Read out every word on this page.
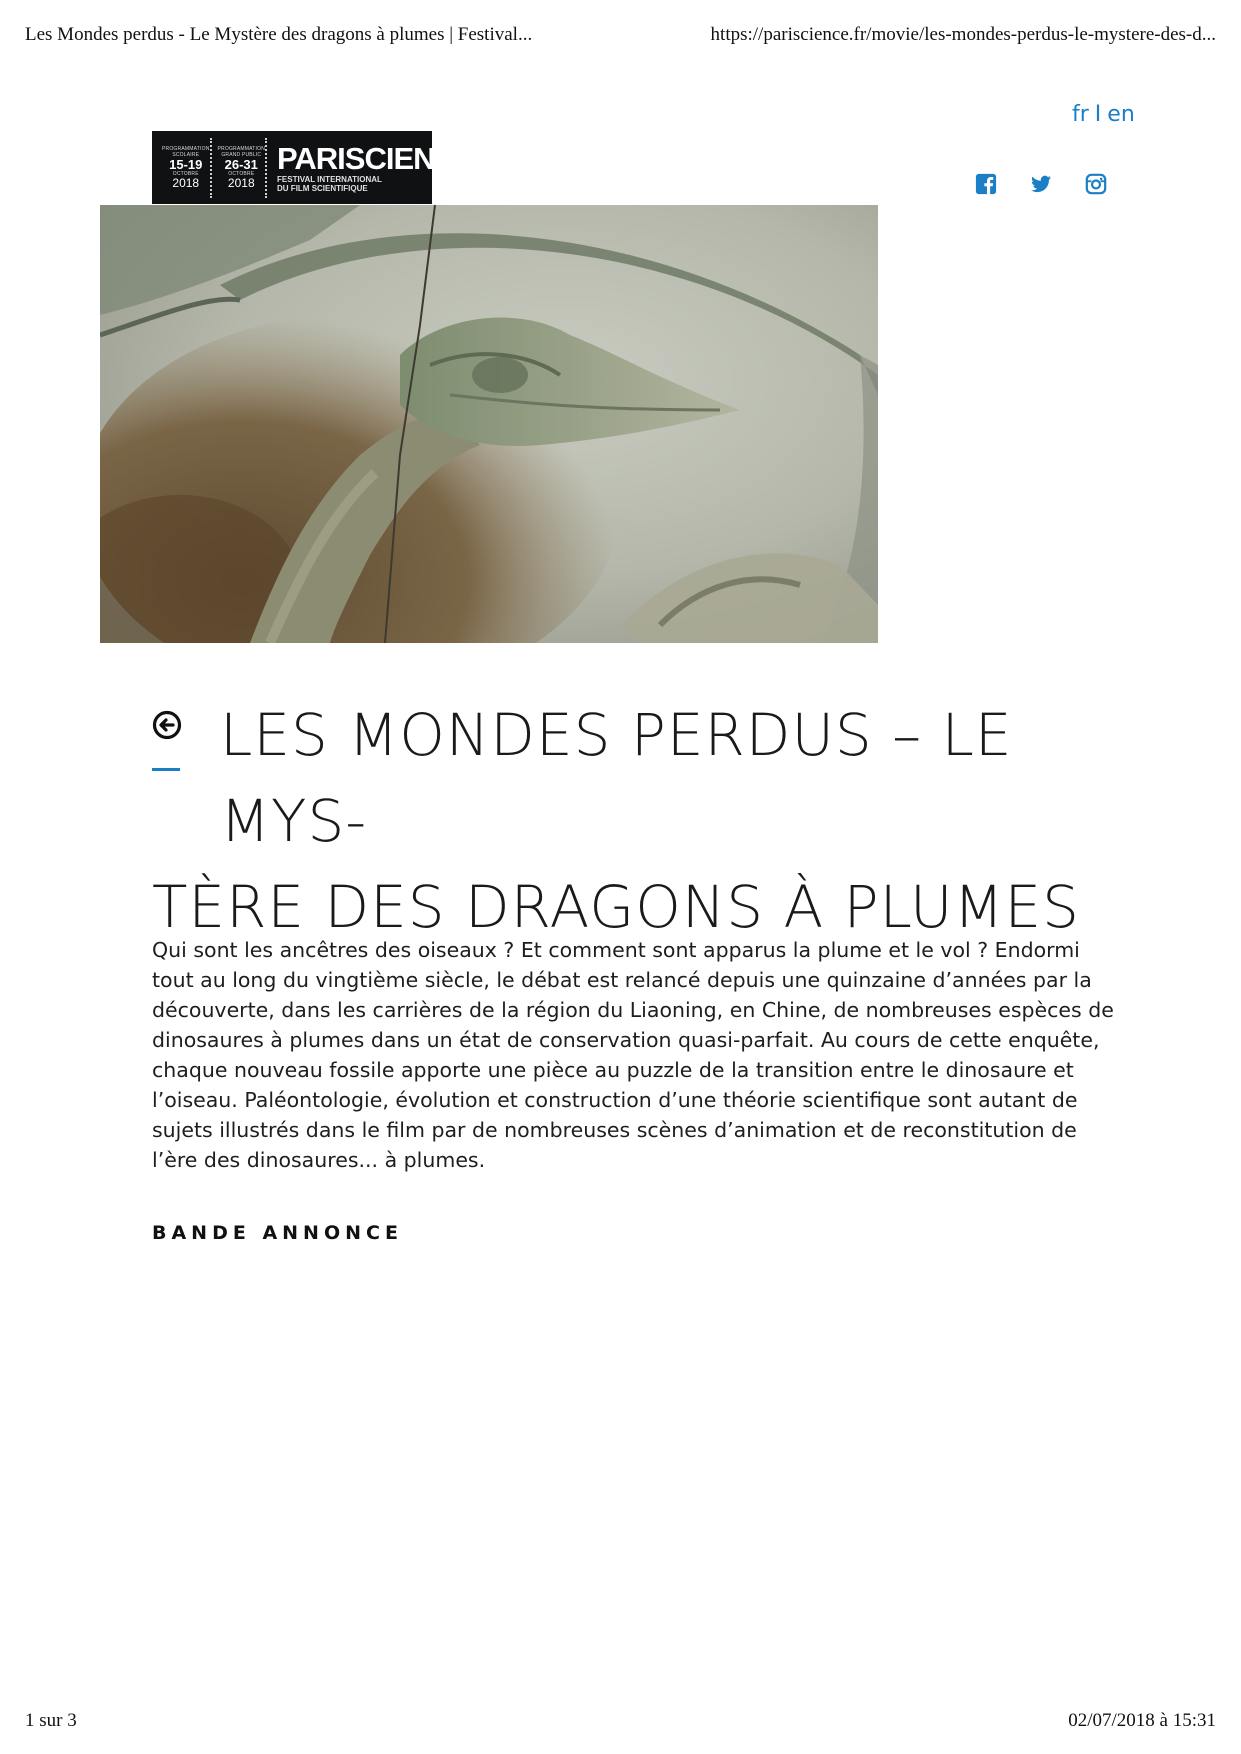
Les Mondes perdus - Le Mystère des dragons à plumes | Festival...	https://pariscience.fr/movie/les-mondes-perdus-le-mystere-des-d...
fr I en
PROGRAMMATION SCOLAIRE
15-19
OCTOBRE
2018
PROGRAMMATION GRAND PUBLIC
26-31
OCTOBRE
2018
PARISCIENCE
FESTIVAL INTERNATIONAL
DU FILM SCIENTIFIQUE
LES MONDES PERDUS – LE MYS-
TÈRE DES DRAGONS À PLUMES

Qui sont les ancêtres des oiseaux ? Et comment sont apparus la plume et le vol ? Endormi tout au long du vingtième siècle, le débat est relancé depuis une quinzaine d’années par la découverte, dans les carrières de la région du Liaoning, en Chine, de nombreuses espèces de dinosaures à plumes dans un état de conservation quasi-parfait. Au cours de cette enquête, chaque nouveau fossile apporte une pièce au puzzle de la transition entre le dinosaure et l’oiseau. Paléontologie, évolution et construction d’une théorie scientifique sont autant de sujets illustrés dans le film par de nombreuses scènes d’animation et de reconstitution de l’ère des dinosaures... à plumes.

BANDE ANNONCE
1 sur 3	02/07/2018 à 15:31
